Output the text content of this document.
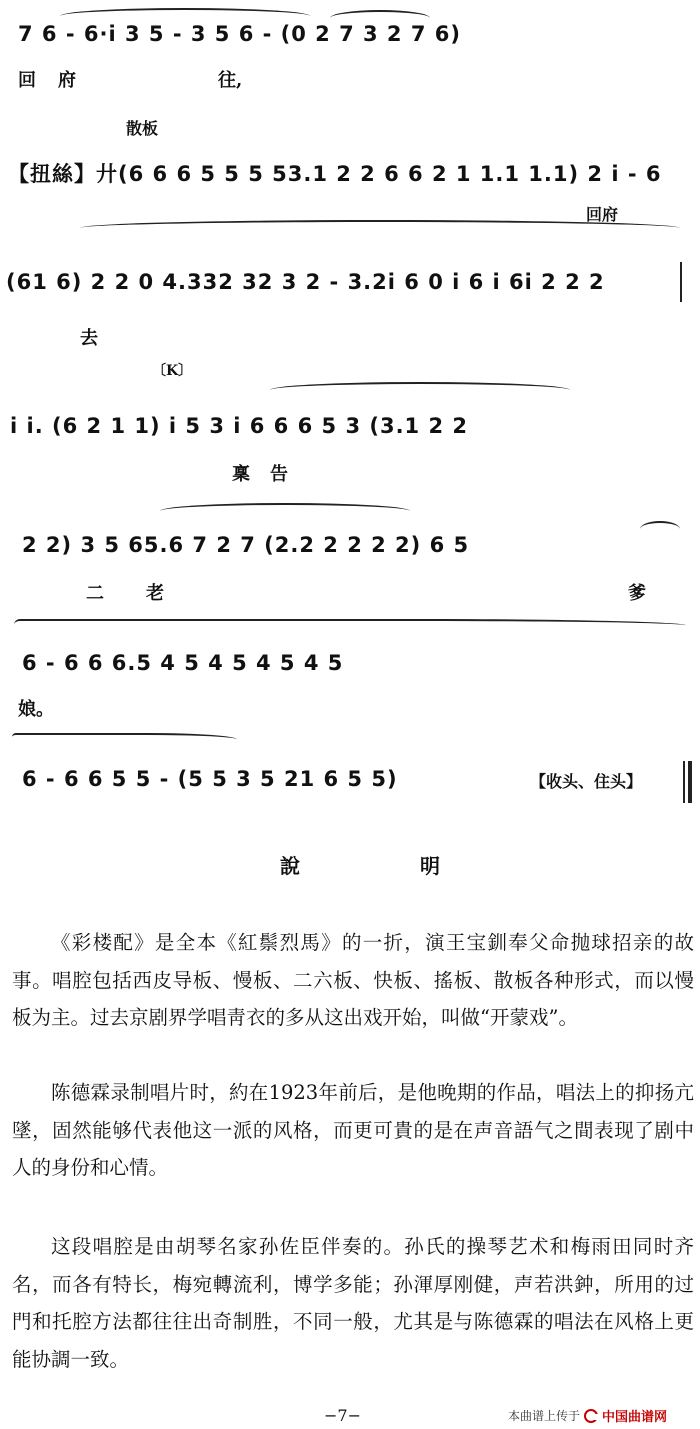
7 6 - 6·i 3 5 - 3 5 6 - (0 2 7 3 2 7 6)
回 府	往,
散板
【扭絲】廾(6 6 6 5 5 5 53.1 2 2 6 6 2 1 1.1 1.1) 2 i - 6
回府
(61 6) 2 2 0 4.332 32 3 2 - 3.2i 6 0 i 6 i 6i 2 2 2
去
〔K〕
i i. (6 2 1 1) i 5 3 i 6 6 6 5 3 (3.1 2 2
稟 告
2 2) 3 5 65.6 7 2 7 (2.2 2 2 2 2) 6 5
二 老	爹
6 - 6 6 6.5 4 5 4 5 4 5 4 5
娘。
6 - 6 6 5 5 - (5 5 3 5 21 6 5 5)	【收头、住头】
說	明

《彩楼配》是全本《紅鬃烈馬》的一折，演王宝釧奉父命抛球招亲的故事。唱腔包括西皮导板、慢板、二六板、快板、搖板、散板各种形式，而以慢板为主。过去京剧界学唱靑衣的多从这出戏开始，叫做“开蒙戏”。

陈德霖录制唱片时，約在1923年前后，是他晚期的作品，唱法上的抑扬亢墜，固然能够代表他这一派的风格，而更可貴的是在声音語气之間表现了剧中人的身份和心情。

这段唱腔是由胡琴名家孙佐臣伴奏的。孙氏的操琴艺术和梅雨田同时齐名，而各有特长，梅宛轉流利，博学多能；孙渾厚刚健，声若洪鈡，所用的过門和托腔方法都往往出奇制胜，不同一般，尤其是与陈德霖的唱法在风格上更能协調一致。

−7−	本曲谱上传于 中国曲谱网
